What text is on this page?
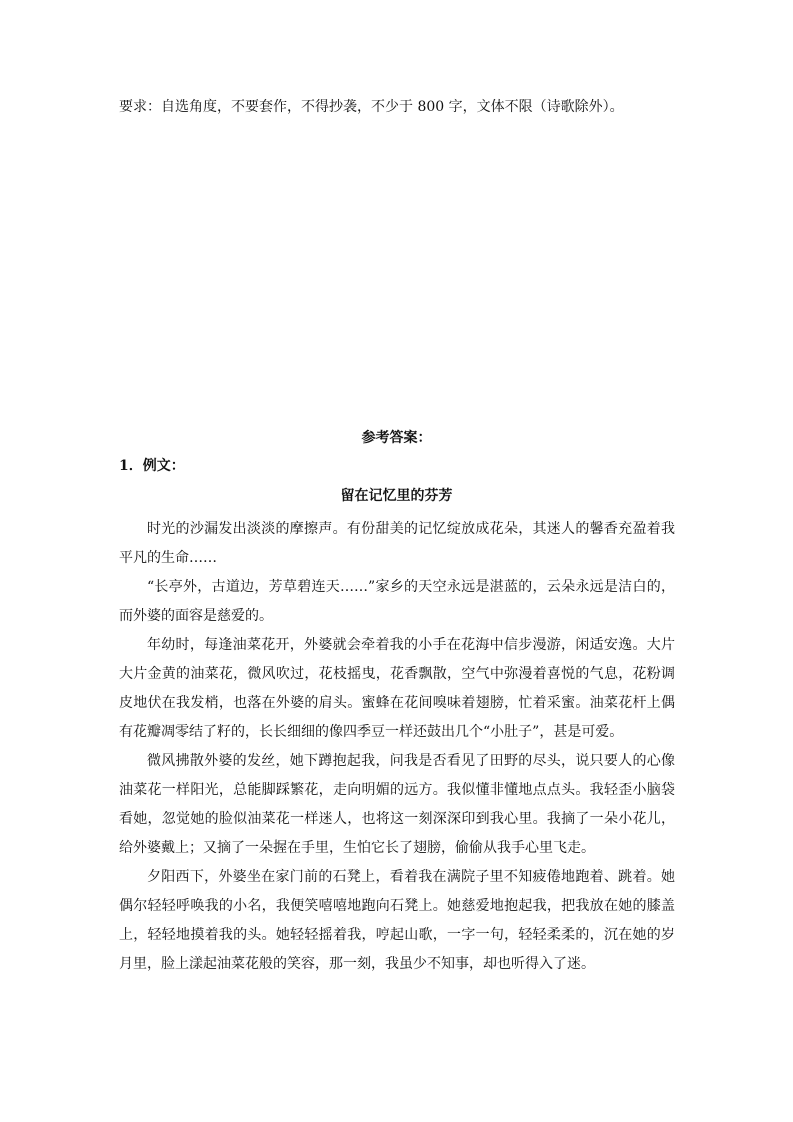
要求：自选角度，不要套作，不得抄袭，不少于 800 字，文体不限（诗歌除外）。
参考答案：
1．例文：
留在记忆里的芬芳

时光的沙漏发出淡淡的摩擦声。有份甜美的记忆绽放成花朵，其迷人的馨香充盈着我平凡的生命……

“长亭外，古道边，芳草碧连天……”家乡的天空永远是湛蓝的，云朵永远是洁白的，而外婆的面容是慈爱的。

年幼时，每逢油菜花开，外婆就会牵着我的小手在花海中信步漫游，闲适安逸。大片大片金黄的油菜花，微风吹过，花枝摇曳，花香飘散，空气中弥漫着喜悦的气息，花粉调皮地伏在我发梢，也落在外婆的肩头。蜜蜂在花间嗅味着翅膀，忙着采蜜。油菜花杆上偶有花瓣凋零结了籽的，长长细细的像四季豆一样还鼓出几个“小肚子”，甚是可爱。

微风拂散外婆的发丝，她下蹲抱起我，问我是否看见了田野的尽头，说只要人的心像油菜花一样阳光，总能脚踩繁花，走向明媚的远方。我似懂非懂地点点头。我轻歪小脑袋看她，忽觉她的脸似油菜花一样迷人，也将这一刻深深印到我心里。我摘了一朵小花儿，给外婆戴上；又摘了一朵握在手里，生怕它长了翅膀，偷偷从我手心里飞走。

夕阳西下，外婆坐在家门前的石凳上，看着我在满院子里不知疲倦地跑着、跳着。她偶尔轻轻呼唤我的小名，我便笑嘻嘻地跑向石凳上。她慈爱地抱起我，把我放在她的膝盖上，轻轻地摸着我的头。她轻轻摇着我，哼起山歌，一字一句，轻轻柔柔的，沉在她的岁月里，脸上漾起油菜花般的笑容，那一刻，我虽少不知事，却也听得入了迷。
